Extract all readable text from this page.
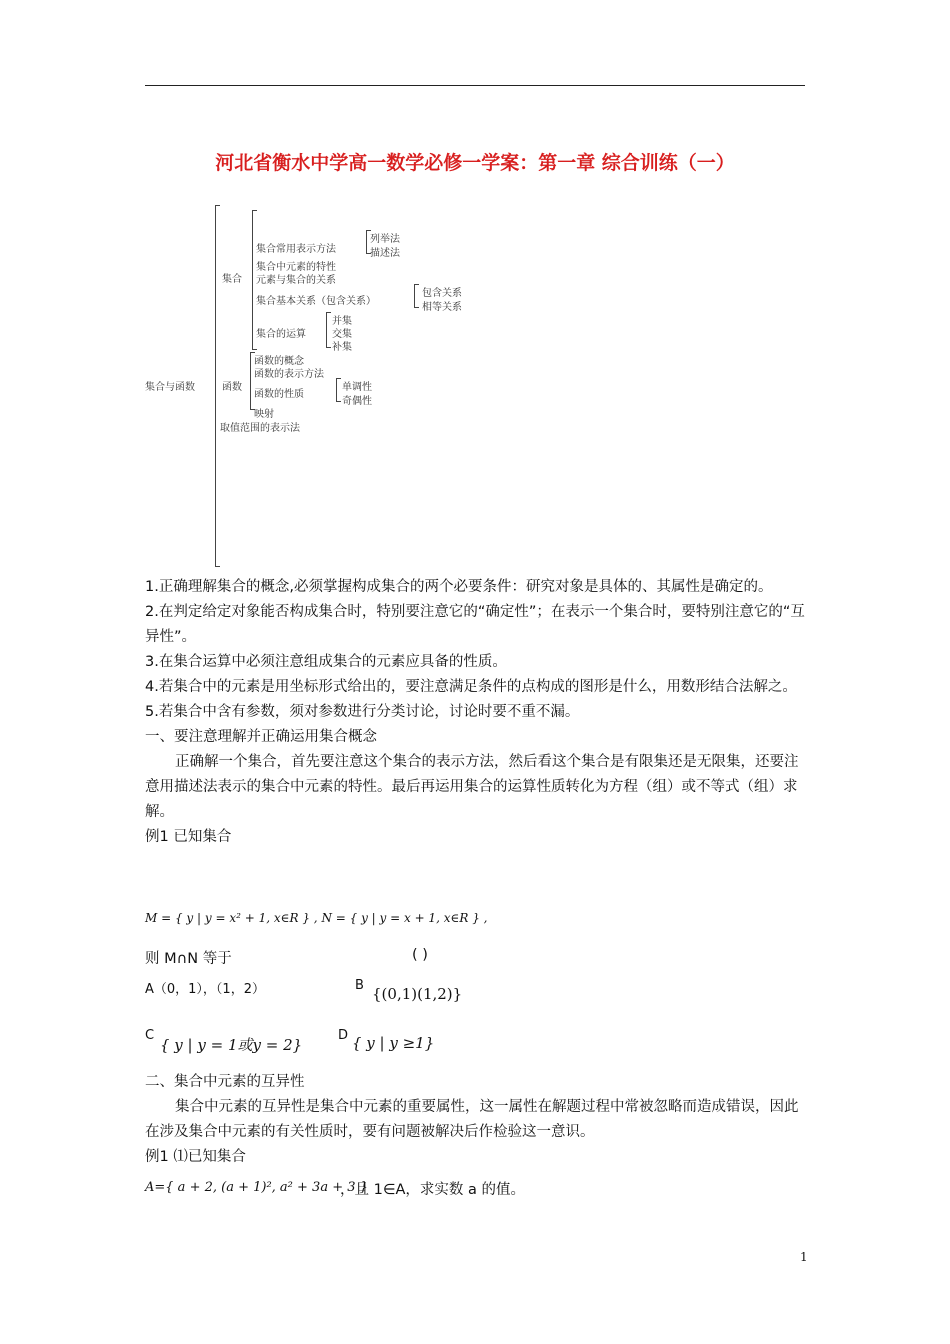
河北省衡水中学高一数学必修一学案：第一章 综合训练（一）
集合与函数
集合
集合常用表示方法
列举法
描述法
集合中元素的特性
元素与集合的关系
集合基本关系（包含关系）
包含关系
相等关系
集合的运算
并集
交集
补集
函数
函数的概念
函数的表示方法
函数的性质
单调性
奇偶性
映射
取值范围的表示法

1.正确理解集合的概念,必须掌握构成集合的两个必要条件：研究对象是具体的、其属性是确定的。

2.在判定给定对象能否构成集合时，特别要注意它的“确定性”；在表示一个集合时，要特别注意它的“互异性”。

3.在集合运算中必须注意组成集合的元素应具备的性质。

4.若集合中的元素是用坐标形式给出的，要注意满足条件的点构成的图形是什么，用数形结合法解之。

5.若集合中含有参数，须对参数进行分类讨论，讨论时要不重不漏。

一、要注意理解并正确运用集合概念

正确解一个集合，首先要注意这个集合的表示方法，然后看这个集合是有限集还是无限集，还要注意用描述法表示的集合中元素的特性。最后再运用集合的运算性质转化为方程（组）或不等式（组）求解。

例1 已知集合

M = { y | y = x² + 1, x∈R } , N = { y | y = x + 1, x∈R } ,
则 M∩N 等于	( )
A（0，1），（1，2）	B {(0,1)(1,2)}
C
{ y | y = 1或y = 2}
D { y | y ≥1}

二、集合中元素的互异性

集合中元素的互异性是集合中元素的重要属性，这一属性在解题过程中常被忽略而造成错误，因此在涉及集合中元素的有关性质时，要有问题被解决后作检验这一意识。

例1 ⑴已知集合

A={ a + 2, (a + 1)², a² + 3a + 3 }
，且 1∈A，求实数 a 的值。
1
